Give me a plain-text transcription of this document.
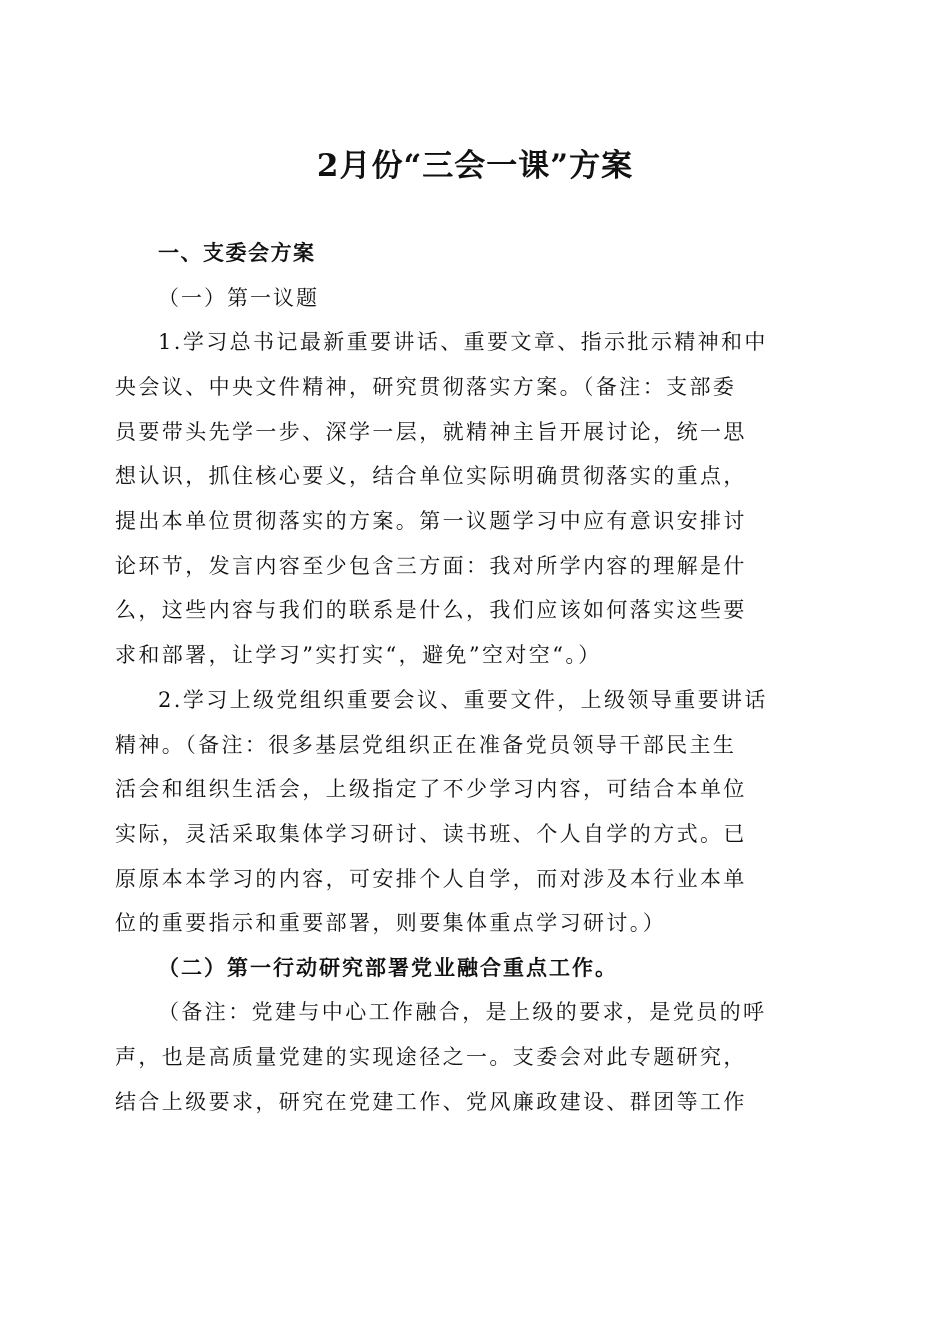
2月份“三会一课”方案
一、支委会方案
（一）第一议题
1.学习总书记最新重要讲话、重要文章、指示批示精神和中
央会议、中央文件精神，研究贯彻落实方案。（备注：支部委
员要带头先学一步、深学一层，就精神主旨开展讨论，统一思
想认识，抓住核心要义，结合单位实际明确贯彻落实的重点，
提出本单位贯彻落实的方案。第一议题学习中应有意识安排讨
论环节，发言内容至少包含三方面：我对所学内容的理解是什
么，这些内容与我们的联系是什么，我们应该如何落实这些要
求和部署，让学习”实打实“，避免”空对空“。）
2.学习上级党组织重要会议、重要文件，上级领导重要讲话
精神。（备注：很多基层党组织正在准备党员领导干部民主生
活会和组织生活会，上级指定了不少学习内容，可结合本单位
实际，灵活采取集体学习研讨、读书班、个人自学的方式。已
原原本本学习的内容，可安排个人自学，而对涉及本行业本单
位的重要指示和重要部署，则要集体重点学习研讨。）
（二）第一行动研究部署党业融合重点工作。
（备注：党建与中心工作融合，是上级的要求，是党员的呼
声，也是高质量党建的实现途径之一。支委会对此专题研究，
结合上级要求，研究在党建工作、党风廉政建设、群团等工作
